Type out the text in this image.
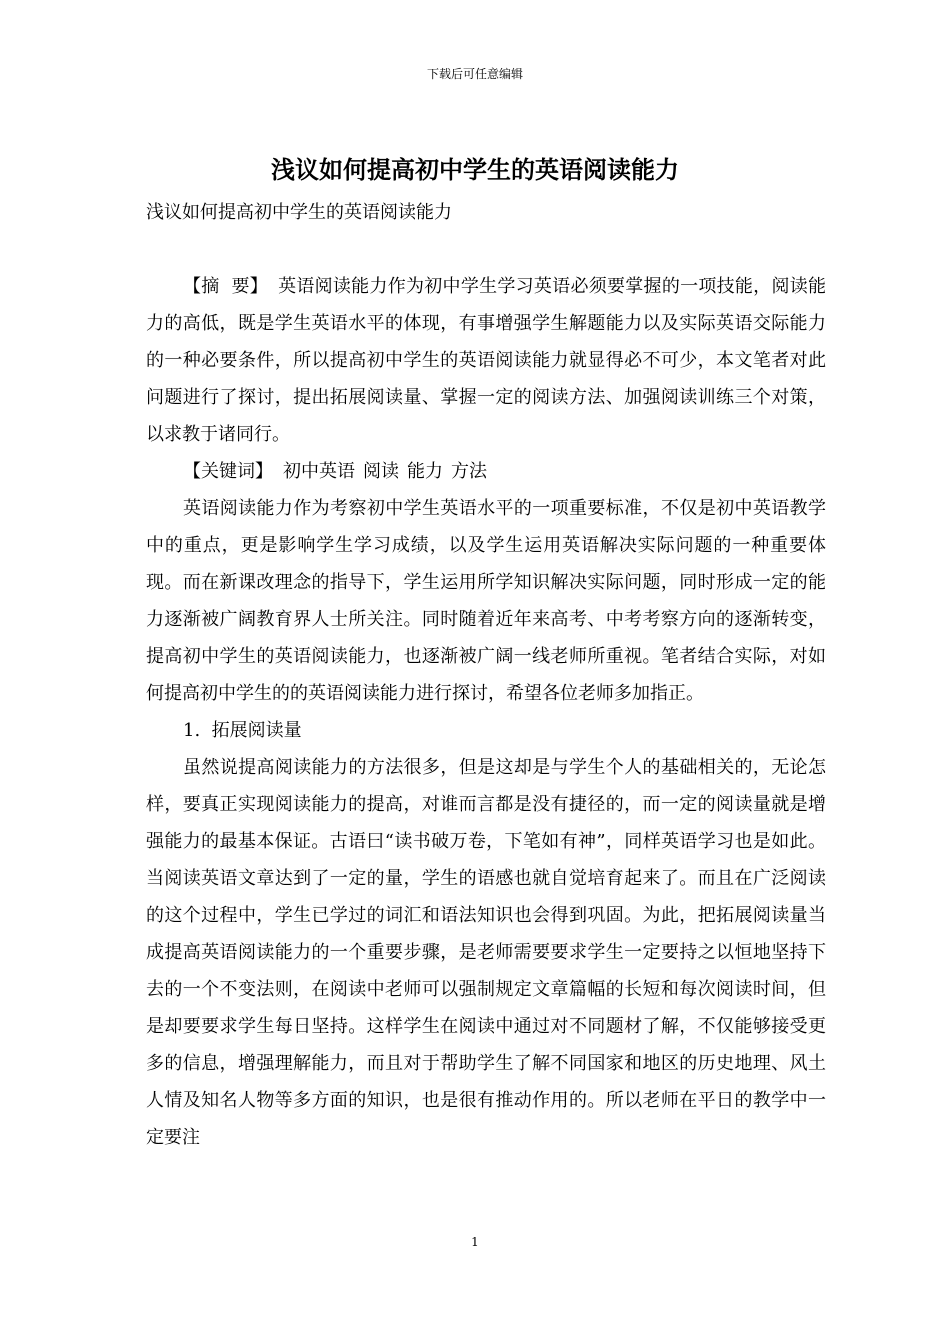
下载后可任意编辑
浅议如何提高初中学生的英语阅读能力

浅议如何提高初中学生的英语阅读能力

【摘  要】 英语阅读能力作为初中学生学习英语必须要掌握的一项技能，阅读能力的高低，既是学生英语水平的体现，有事增强学生解题能力以及实际英语交际能力的一种必要条件，所以提高初中学生的英语阅读能力就显得必不可少，本文笔者对此问题进行了探讨，提出拓展阅读量、掌握一定的阅读方法、加强阅读训练三个对策，以求教于诸同行。

【关键词】 初中英语 阅读 能力 方法

英语阅读能力作为考察初中学生英语水平的一项重要标准，不仅是初中英语教学中的重点，更是影响学生学习成绩，以及学生运用英语解决实际问题的一种重要体现。而在新课改理念的指导下，学生运用所学知识解决实际问题，同时形成一定的能力逐渐被广阔教育界人士所关注。同时随着近年来高考、中考考察方向的逐渐转变，提高初中学生的英语阅读能力，也逐渐被广阔一线老师所重视。笔者结合实际，对如何提高初中学生的的英语阅读能力进行探讨，希望各位老师多加指正。

1.  拓展阅读量

虽然说提高阅读能力的方法很多，但是这却是与学生个人的基础相关的，无论怎样，要真正实现阅读能力的提高，对谁而言都是没有捷径的，而一定的阅读量就是增强能力的最基本保证。古语曰“读书破万卷，下笔如有神”，同样英语学习也是如此。当阅读英语文章达到了一定的量，学生的语感也就自觉培育起来了。而且在广泛阅读的这个过程中，学生已学过的词汇和语法知识也会得到巩固。为此，把拓展阅读量当成提高英语阅读能力的一个重要步骤，是老师需要要求学生一定要持之以恒地坚持下去的一个不变法则，在阅读中老师可以强制规定文章篇幅的长短和每次阅读时间，但是却要要求学生每日坚持。这样学生在阅读中通过对不同题材了解，不仅能够接受更多的信息，增强理解能力，而且对于帮助学生了解不同国家和地区的历史地理、风土人情及知名人物等多方面的知识，也是很有推动作用的。所以老师在平日的教学中一定要注

1
